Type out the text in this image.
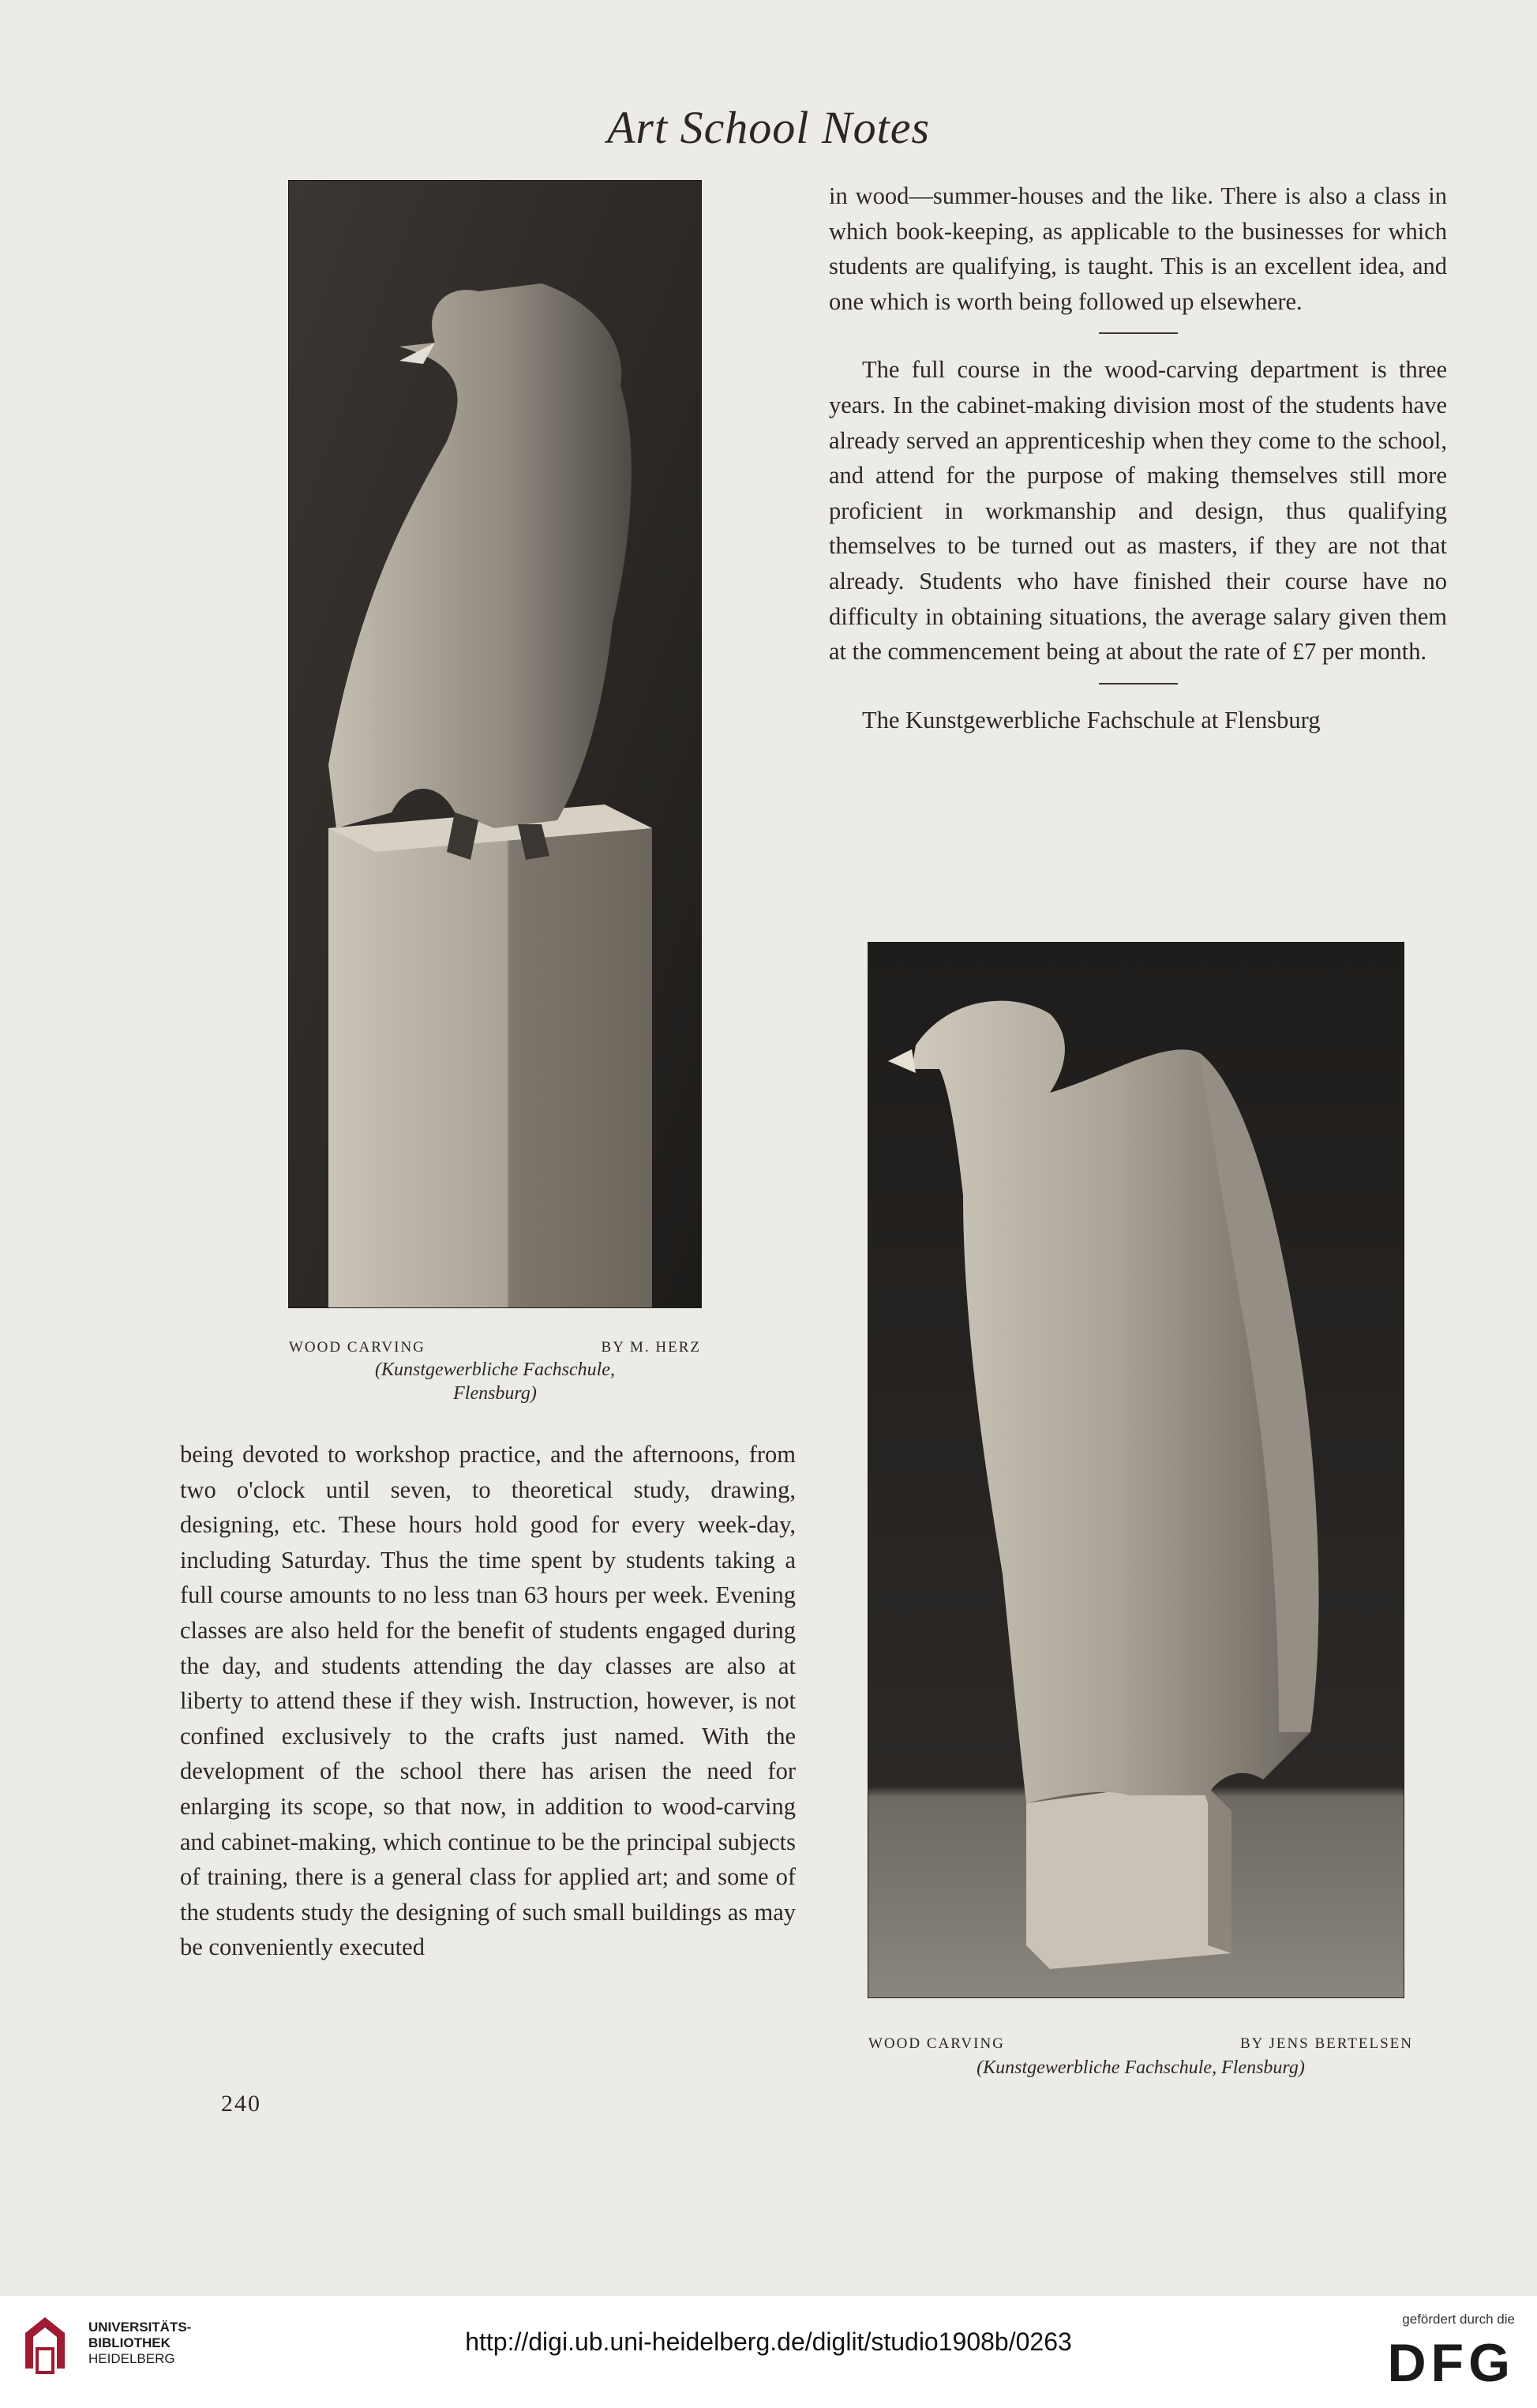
Art School Notes
WOOD CARVING	BY M. HERZ
(Kunstgewerbliche Fachschule,
Flensburg)
WOOD CARVING	BY JENS BERTELSEN
(Kunstgewerbliche Fachschule, Flensburg)

in wood—summer-houses and the like. There is also a class in which book-keeping, as applicable to the businesses for which students are qualifying, is taught. This is an excellent idea, and one which is worth being followed up elsewhere.

The full course in the wood-carving department is three years. In the cabinet-making division most of the students have already served an apprenticeship when they come to the school, and attend for the purpose of making themselves still more proficient in workmanship and design, thus qualifying themselves to be turned out as masters, if they are not that already. Students who have finished their course have no difficulty in obtaining situations, the average salary given them at the commencement being at about the rate of £7 per month.

The Kunstgewerbliche Fachschule at Flensburg

being devoted to workshop practice, and the afternoons, from two o'clock until seven, to theoretical study, drawing, designing, etc. These hours hold good for every week-day, including Saturday. Thus the time spent by students taking a full course amounts to no less tnan 63 hours per week. Evening classes are also held for the benefit of students engaged during the day, and students attending the day classes are also at liberty to attend these if they wish. Instruction, however, is not confined exclusively to the crafts just named. With the development of the school there has arisen the need for enlarging its scope, so that now, in addition to wood-carving and cabinet-making, which continue to be the principal subjects of training, there is a general class for applied art; and some of the students study the designing of such small buildings as may be conveniently executed

240
UNIVERSITÄTS-
BIBLIOTHEK
HEIDELBERG
http://digi.ub.uni-heidelberg.de/diglit/studio1908b/0263
gefördert durch die
DFG
